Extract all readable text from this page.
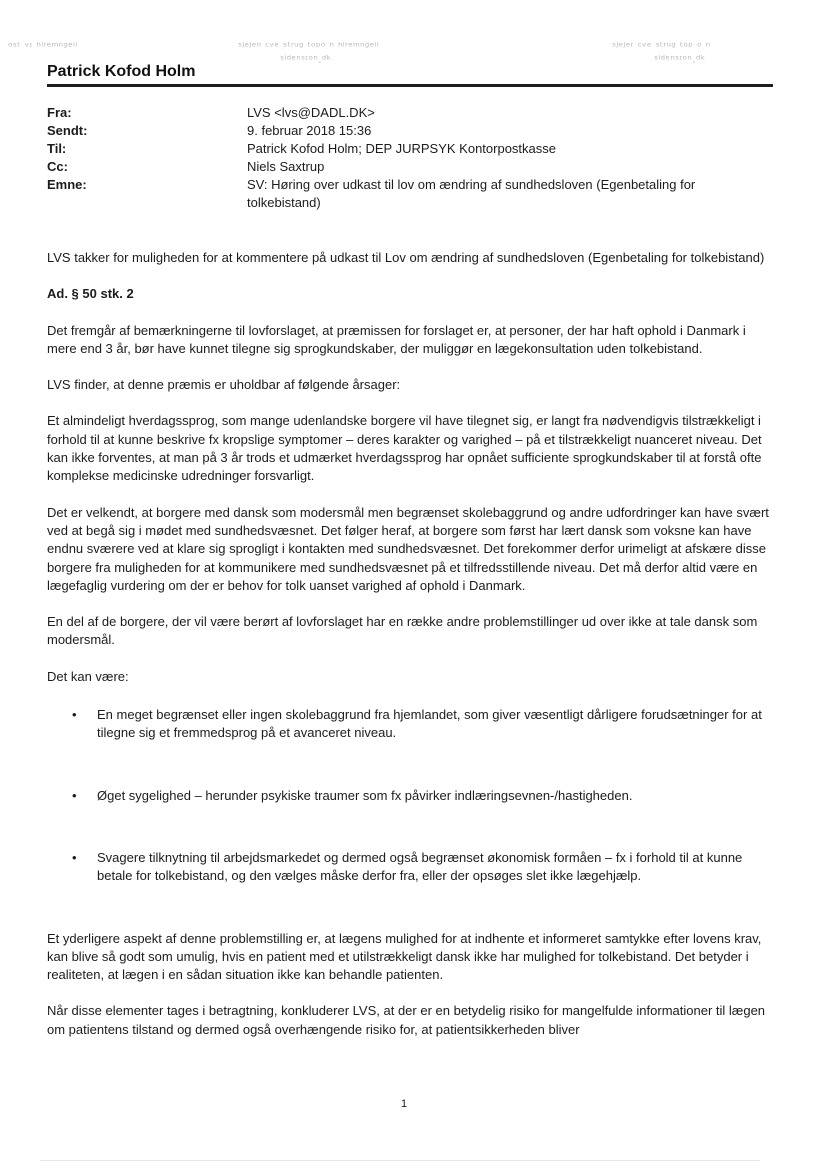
ᵒˢᵗ ᵛᶦ ʰⁱʳᵉᵐⁿᵍᵉⁱⁱ	ˢʲᵉʲᵉⁿ ᶜᵛᵉ ˢᵗʳᵘᵍ ᵗᵒᵖᵒ ⁿ ʰⁱʳᵉᵐⁿᵍᵉⁱⁱ
ˢⁱᵈᵉⁿˢᶦᵒⁿ.ᵈᵏ
ˢʲᵉʲᵉʳ ᶜᵛᵉ ˢᵗʳᵘᵍ ᵗᵒᵖ ᵒ ⁿ
ˢⁱᵈᵉⁿˢᶦᵒⁿ.ᵈᵏ
Patrick Kofod Holm
Fra:	LVS <lvs@DADL.DK>
Sendt:	9. februar 2018 15:36
Til:	Patrick Kofod Holm; DEP JURPSYK Kontorpostkasse
Cc:	Niels Saxtrup
Emne:	SV: Høring over udkast til lov om ændring af sundhedsloven (Egenbetaling for tolkebistand)

LVS takker for muligheden for at kommentere på udkast til Lov om ændring af sundhedsloven (Egenbetaling for tolkebistand)

Ad. § 50 stk. 2

Det fremgår af bemærkningerne til lovforslaget, at præmissen for forslaget er, at personer, der har haft ophold i Danmark i mere end 3 år, bør have kunnet tilegne sig sprogkundskaber, der muliggør en lægekonsultation uden tolkebistand.

LVS finder, at denne præmis er uholdbar af følgende årsager:

Et almindeligt hverdagssprog, som mange udenlandske borgere vil have tilegnet sig, er langt fra nødvendigvis tilstrækkeligt i forhold til at kunne beskrive fx kropslige symptomer – deres karakter og varighed – på et tilstrækkeligt nuanceret niveau. Det kan ikke forventes, at man på 3 år trods et udmærket hverdagssprog har opnået sufficiente sprogkundskaber til at forstå ofte komplekse medicinske udredninger forsvarligt.

Det er velkendt, at borgere med dansk som modersmål men begrænset skolebaggrund og andre udfordringer kan have svært ved at begå sig i mødet med sundhedsvæsnet. Det følger heraf, at borgere som først har lært dansk som voksne kan have endnu sværere ved at klare sig sprogligt i kontakten med sundhedsvæsnet. Det forekommer derfor urimeligt at afskære disse borgere fra muligheden for at kommunikere med sundhedsvæsnet på et tilfredsstillende niveau. Det må derfor altid være en lægefaglig vurdering om der er behov for tolk uanset varighed af ophold i Danmark.

En del af de borgere, der vil være berørt af lovforslaget har en række andre problemstillinger ud over ikke at tale dansk som modersmål.

Det kan være:

• En meget begrænset eller ingen skolebaggrund fra hjemlandet, som giver væsentligt dårligere forudsætninger for at tilegne sig et fremmedsprog på et avanceret niveau.
• Øget sygelighed – herunder psykiske traumer som fx påvirker indlæringsevnen-/hastigheden.
• Svagere tilknytning til arbejdsmarkedet og dermed også begrænset økonomisk formåen – fx i forhold til at kunne betale for tolkebistand, og den vælges måske derfor fra, eller der opsøges slet ikke lægehjælp.

Et yderligere aspekt af denne problemstilling er, at lægens mulighed for at indhente et informeret samtykke efter lovens krav, kan blive så godt som umulig, hvis en patient med et utilstrækkeligt dansk ikke har mulighed for tolkebistand. Det betyder i realiteten, at lægen i en sådan situation ikke kan behandle patienten.

Når disse elementer tages i betragtning, konkluderer LVS, at der er en betydelig risiko for mangelfulde informationer til lægen om patientens tilstand og dermed også overhængende risiko for, at patientsikkerheden bliver

1
